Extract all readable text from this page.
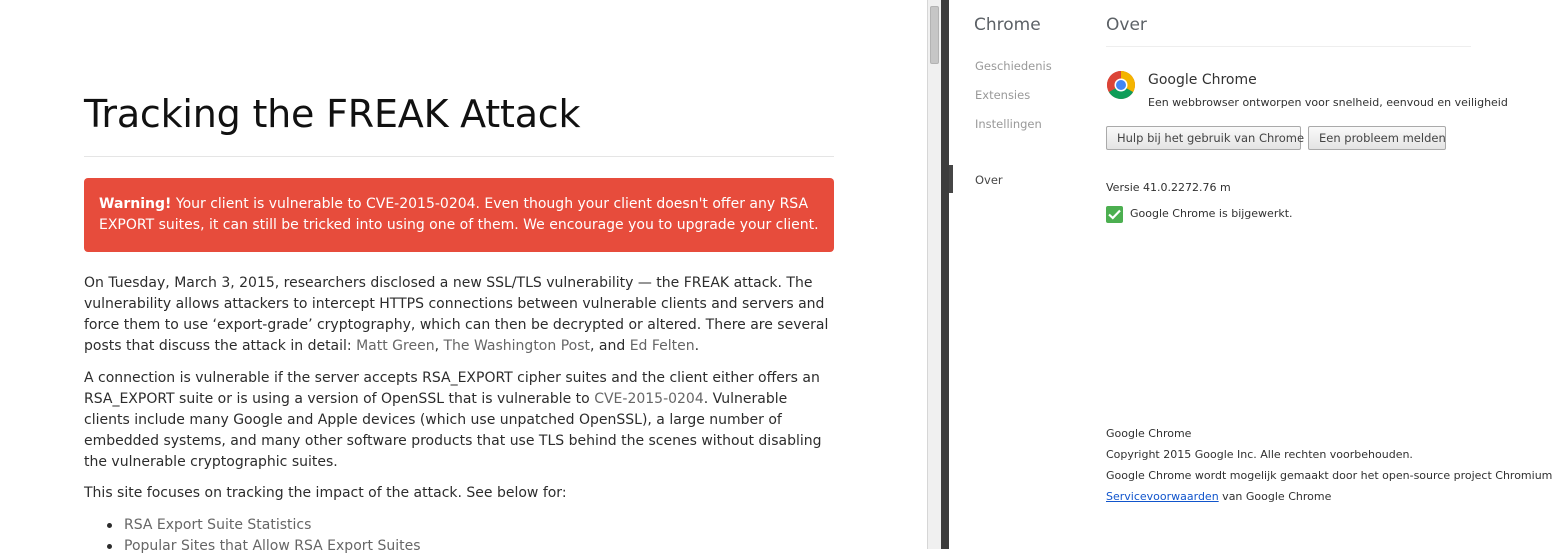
Tracking the FREAK Attack
Warning! Your client is vulnerable to CVE-2015-0204. Even though your client doesn't offer any RSA EXPORT suites, it can still be tricked into using one of them. We encourage you to upgrade your client.

On Tuesday, March 3, 2015, researchers disclosed a new SSL/TLS vulnerability — the FREAK attack. The vulnerability allows attackers to intercept HTTPS connections between vulnerable clients and servers and force them to use ‘export-grade’ cryptography, which can then be decrypted or altered. There are several posts that discuss the attack in detail: Matt Green, The Washington Post, and Ed Felten.

A connection is vulnerable if the server accepts RSA_EXPORT cipher suites and the client either offers an RSA_EXPORT suite or is using a version of OpenSSL that is vulnerable to CVE-2015-0204. Vulnerable clients include many Google and Apple devices (which use unpatched OpenSSL), a large number of embedded systems, and many other software products that use TLS behind the scenes without disabling the vulnerable cryptographic suites.

This site focuses on tracking the impact of the attack. See below for:

RSA Export Suite Statistics
Popular Sites that Allow RSA Export Suites
Chrome
Geschiedenis
Extensies
Instellingen
Over
Over
Google Chrome
Een webbrowser ontworpen voor snelheid, eenvoud en veiligheid
Hulp bij het gebruik van Chrome	Een probleem melden
Versie 41.0.2272.76 m
Google Chrome is bijgewerkt.
Google Chrome
Copyright 2015 Google Inc. Alle rechten voorbehouden.
Google Chrome wordt mogelijk gemaakt door het open-source project Chromium
Servicevoorwaarden van Google Chrome
